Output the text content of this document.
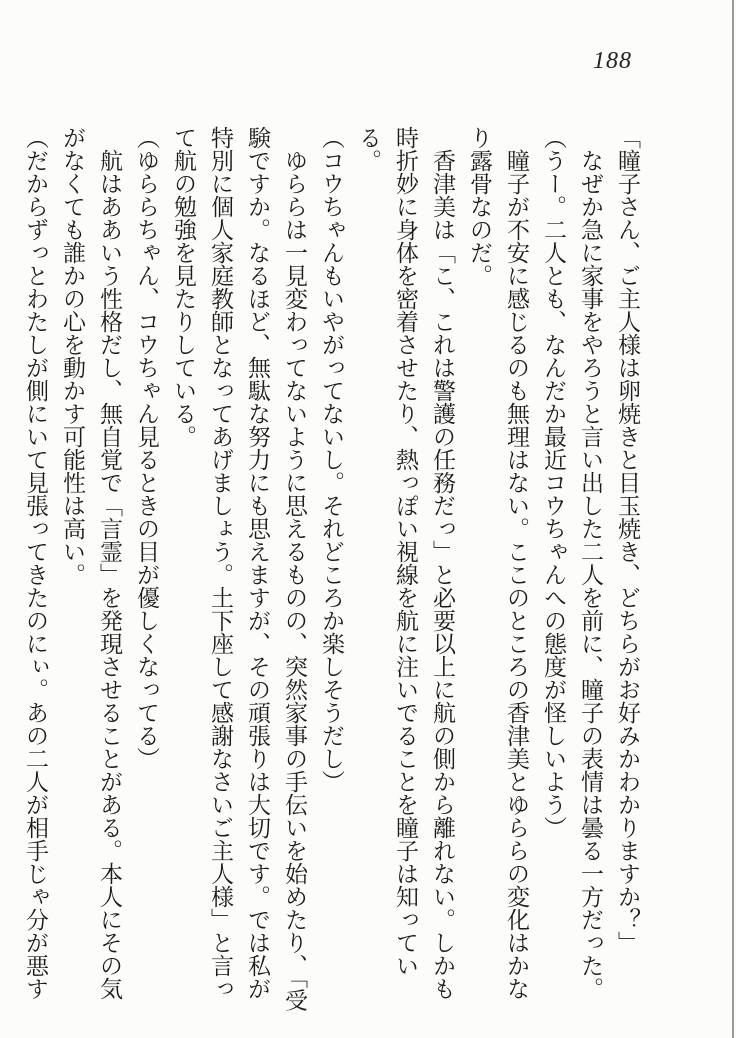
188

「瞳子さん、ご主人様は卵焼きと目玉焼き、どちらがお好みかわかりますか？」

なぜか急に家事をやろうと言い出した二人を前に、瞳子の表情は曇る一方だった。

（うー。二人とも、なんだか最近コウちゃんへの態度が怪しいよう）

瞳子が不安に感じるのも無理はない。ここのところの香津美とゆららの変化はかなり露骨なのだ。

香津美は「こ、これは警護の任務だっ」と必要以上に航の側から離れない。しかも時折妙に身体を密着させたり、熱っぽい視線を航に注いでることを瞳子は知っている。

（コウちゃんもいやがってないし。それどころか楽しそうだし）

ゆららは一見変わってないように思えるものの、突然家事の手伝いを始めたり、「受験ですか。なるほど、無駄な努力にも思えますが、その頑張りは大切です。では私が特別に個人家庭教師となってあげましょう。土下座して感謝なさいご主人様」と言って航の勉強を見たりしている。

（ゆららちゃん、コウちゃん見るときの目が優しくなってる）

航はああいう性格だし、無自覚で「言霊」を発現させることがある。本人にその気がなくても誰かの心を動かす可能性は高い。

（だからずっとわたしが側にいて見張ってきたのにぃ。あの二人が相手じゃ分が悪す
